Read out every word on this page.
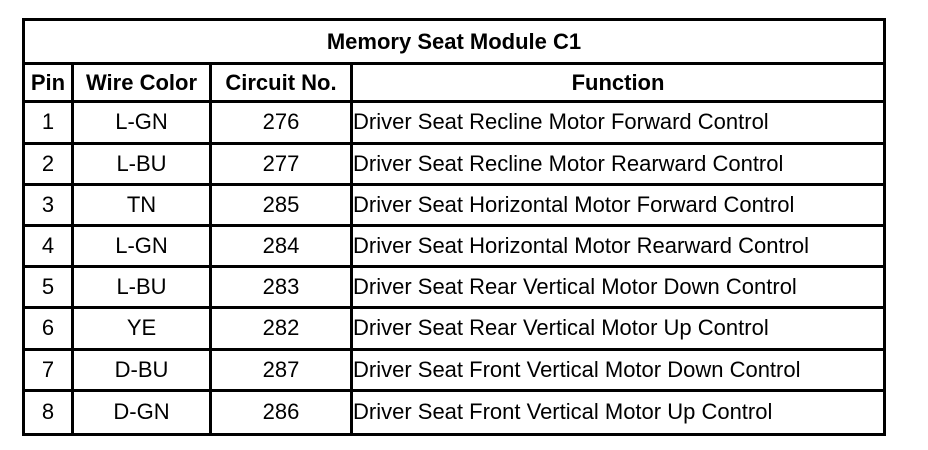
Memory Seat Module C1			
Pin	Wire Color	Circuit No.	Function
1	L-GN	276	Driver Seat Recline Motor Forward Control
2	L-BU	277	Driver Seat Recline Motor Rearward Control
3	TN	285	Driver Seat Horizontal Motor Forward Control
4	L-GN	284	Driver Seat Horizontal Motor Rearward Control
5	L-BU	283	Driver Seat Rear Vertical Motor Down Control
6	YE	282	Driver Seat Rear Vertical Motor Up Control
7	D-BU	287	Driver Seat Front Vertical Motor Down Control
8	D-GN	286	Driver Seat Front Vertical Motor Up Control
